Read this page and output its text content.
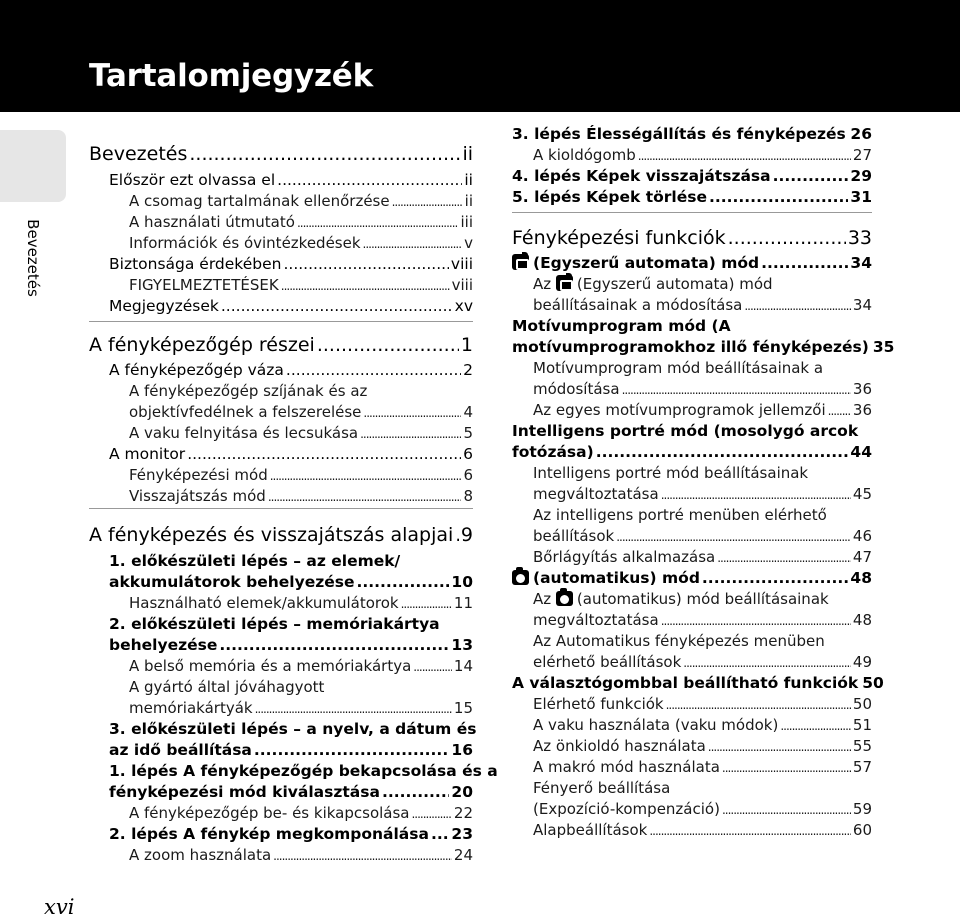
Tartalomjegyzék
Bevezetés
Bevezetés .....	ii
Először ezt olvassa el .....	ii
A csomag tartalmának ellenőrzése .....	ii
A használati útmutató .....	iii
Információk és óvintézkedések .....	v
Biztonsága érdekében .....	viii
FIGYELMEZTETÉSEK .....	viii
Megjegyzések .....	xv
A fényképezőgép részei .....	1
A fényképezőgép váza .....	2
A fényképezőgép szíjának és az
objektívfedélnek a felszerelése .....	4
A vaku felnyitása és lecsukása .....	5
A monitor .....	6
Fényképezési mód .....	6
Visszajátszás mód .....	8
A fényképezés és visszajátszás alapjai ..... 9
1. előkészületi lépés – az elemek/
akkumulátorok behelyezése .....	10
Használható elemek/akkumulátorok .....	11
2. előkészületi lépés – memóriakártya
behelyezése .....	13
A belső memória és a memóriakártya .....	14
A gyártó által jóváhagyott
memóriakártyák .....	15
3. előkészületi lépés – a nyelv, a dátum és
az idő beállítása .....	16
1. lépés A fényképezőgép bekapcsolása és a
fényképezési mód kiválasztása .....	20
A fényképezőgép be- és kikapcsolása .....	22
2. lépés A fénykép megkomponálása ..... 23
A zoom használata .....	24
3. lépés Élességállítás és fényképezés ..... 26
A kioldógomb .....	27
4. lépés Képek visszajátszása .....	29
5. lépés Képek törlése .....	31
Fényképezési funkciók .....	33
(Egyszerű automata) mód .....	34
Az (Egyszerű automata) mód
beállításainak a módosítása .....	34
Motívumprogram mód (A
motívumprogramokhoz illő fényképezés) 35
Motívumprogram mód beállításainak a
módosítása .....	36
Az egyes motívumprogramok jellemzői ..... 36
Intelligens portré mód (mosolygó arcok
fotózása) .....	44
Intelligens portré mód beállításainak
megváltoztatása .....	45
Az intelligens portré menüben elérhető
beállítások .....	46
Bőrlágyítás alkalmazása .....	47
(automatikus) mód .....	48
Az (automatikus) mód beállításainak
megváltoztatása .....	48
Az Automatikus fényképezés menüben
elérhető beállítások .....	49
A választógombbal beállítható funkciók 50
Elérhető funkciók .....	50
A vaku használata (vaku módok) .....	51
Az önkioldó használata .....	55
A makró mód használata .....	57
Fényerő beállítása
(Expozíció-kompenzáció) .....	59
Alapbeállítások .....	60
xvi
